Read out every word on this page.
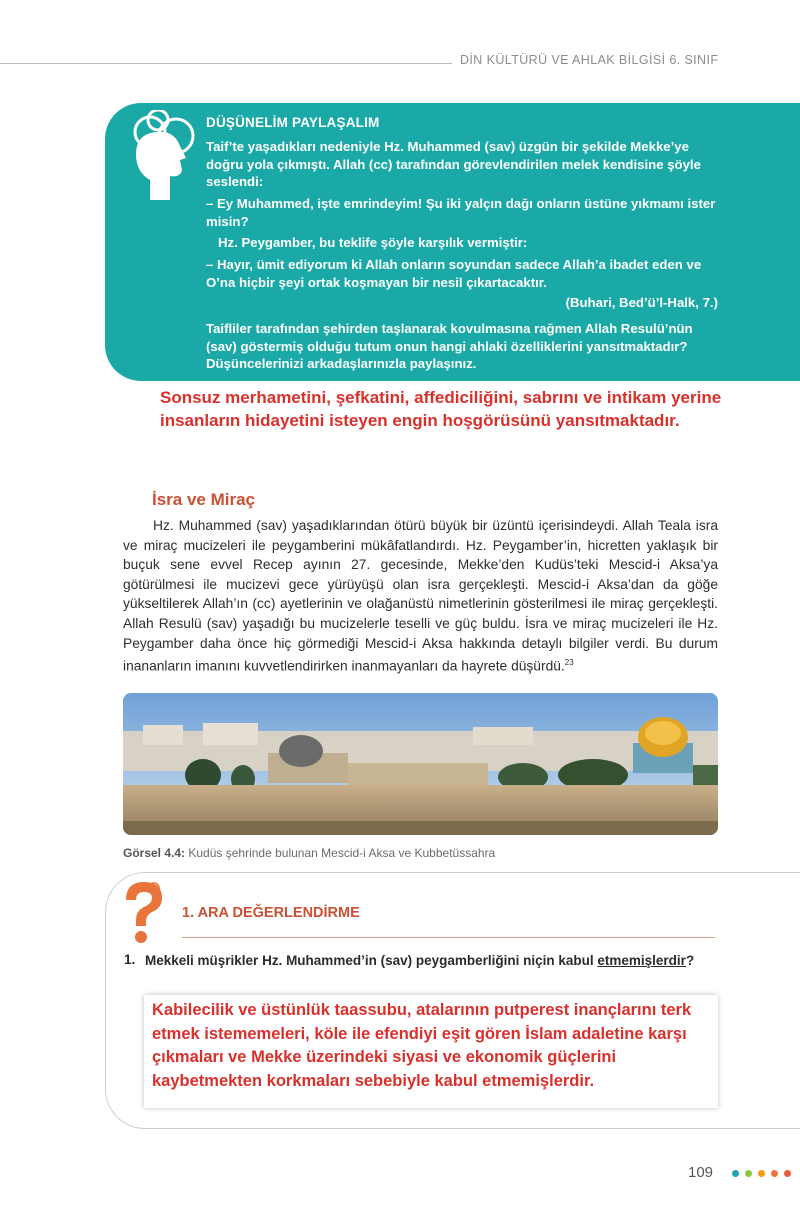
DİN KÜLTÜRÜ VE AHLAK BİLGİSİ 6. SINIF
DÜŞÜNELİM PAYLAŞALIM
Taif’te yaşadıkları nedeniyle Hz. Muhammed (sav) üzgün bir şekilde Mekke’ye doğru yola çıkmıştı. Allah (cc) tarafından görevlendirilen melek kendisine şöyle seslendi:
– Ey Muhammed, işte emrindeyim! Şu iki yalçın dağı onların üstüne yıkmamı ister misin?
Hz. Peygamber, bu teklife şöyle karşılık vermiştir:
– Hayır, ümit ediyorum ki Allah onların soyundan sadece Allah’a ibadet eden ve O’na hiçbir şeyi ortak koşmayan bir nesil çıkartacaktır.
(Buhari, Bed’ü’l-Halk, 7.)
Taifliler tarafından şehirden taşlanarak kovulmasına rağmen Allah Resulü’nün (sav) göstermiş olduğu tutum onun hangi ahlaki özelliklerini yansıtmaktadır? Düşüncelerinizi arkadaşlarınızla paylaşınız.
Sonsuz merhametini, şefkatini, affediciliğini, sabrını ve intikam yerine insanların hidayetini isteyen engin hoşgörüsünü yansıtmaktadır.
İsra ve Miraç

Hz. Muhammed (sav) yaşadıklarından ötürü büyük bir üzüntü içerisindeydi. Allah Teala isra ve miraç mucizeleri ile peygamberini mükâfatlandırdı. Hz. Peygamber’in, hicretten yaklaşık bir buçuk sene evvel Recep ayının 27. gecesinde, Mekke’den Kudüs’teki Mescid-i Aksa’ya götürülmesi ile mucizevi gece yürüyüşü olan isra gerçekleşti. Mescid-i Aksa’dan da göğe yükseltilerek Allah’ın (cc) ayetlerinin ve olağanüstü nimetlerinin gösterilmesi ile miraç gerçekleşti. Allah Resulü (sav) yaşadığı bu mucizelerle teselli ve güç buldu. İsra ve miraç mucizeleri ile Hz. Peygamber daha önce hiç görmediği Mescid-i Aksa hakkında detaylı bilgiler verdi. Bu durum inananların imanını kuvvetlendirirken inanmayanları da hayrete düşürdü.$^{23}$

Görsel 4.4: Kudüs şehrinde bulunan Mescid-i Aksa ve Kubbetüssahra
1. ARA DEĞERLENDİRME
1. Mekkeli müşrikler Hz. Muhammed’in (sav) peygamberliğini niçin kabul etmemişlerdir?
Kabilecilik ve üstünlük taassubu, atalarının putperest inançlarını terk etmek istememeleri, köle ile efendiyi eşit gören İslam adaletine karşı çıkmaları ve Mekke üzerindeki siyasi ve ekonomik güçlerini kaybetmekten korkmaları sebebiyle kabul etmemişlerdir.
109
